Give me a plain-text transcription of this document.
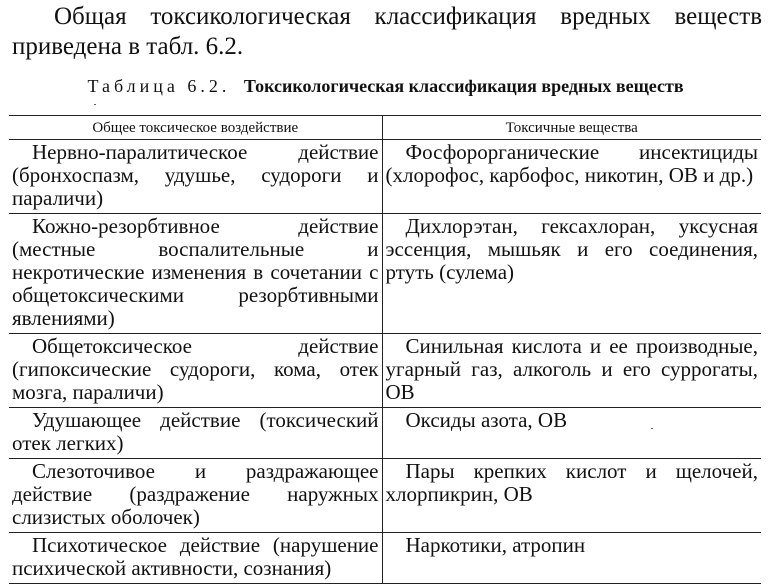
Общая токсикологическая классификация вредных веществ приведена в табл. 6.2.

Таблица 6.2. Токсикологическая классификация вредных веществ
Общее токсическое воздействие	Токсичные вещества
Нервно-паралитическое действие (бронхоспазм, удушье, судороги и параличи)	Фосфорорганические инсектициды (хлорофос, карбофос, никотин, ОВ и др.)
Кожно-резорбтивное действие (местные воспалительные и некротические изменения в сочетании с общетоксическими резорбтивными явлениями)	Дихлорэтан, гексахлоран, уксусная эссенция, мышьяк и его соединения, ртуть (сулема)
Общетоксическое действие (гипоксические судороги, кома, отек мозга, параличи)	Синильная кислота и ее производные, угарный газ, алкоголь и его суррогаты, ОВ
Удушающее действие (токсический отек легких)	Оксиды азота, ОВ
Слезоточивое и раздражающее действие (раздражение наружных слизистых оболочек)	Пары крепких кислот и щелочей, хлорпикрин, ОВ
Психотическое действие (нарушение психической активности, сознания)	Наркотики, атропин
